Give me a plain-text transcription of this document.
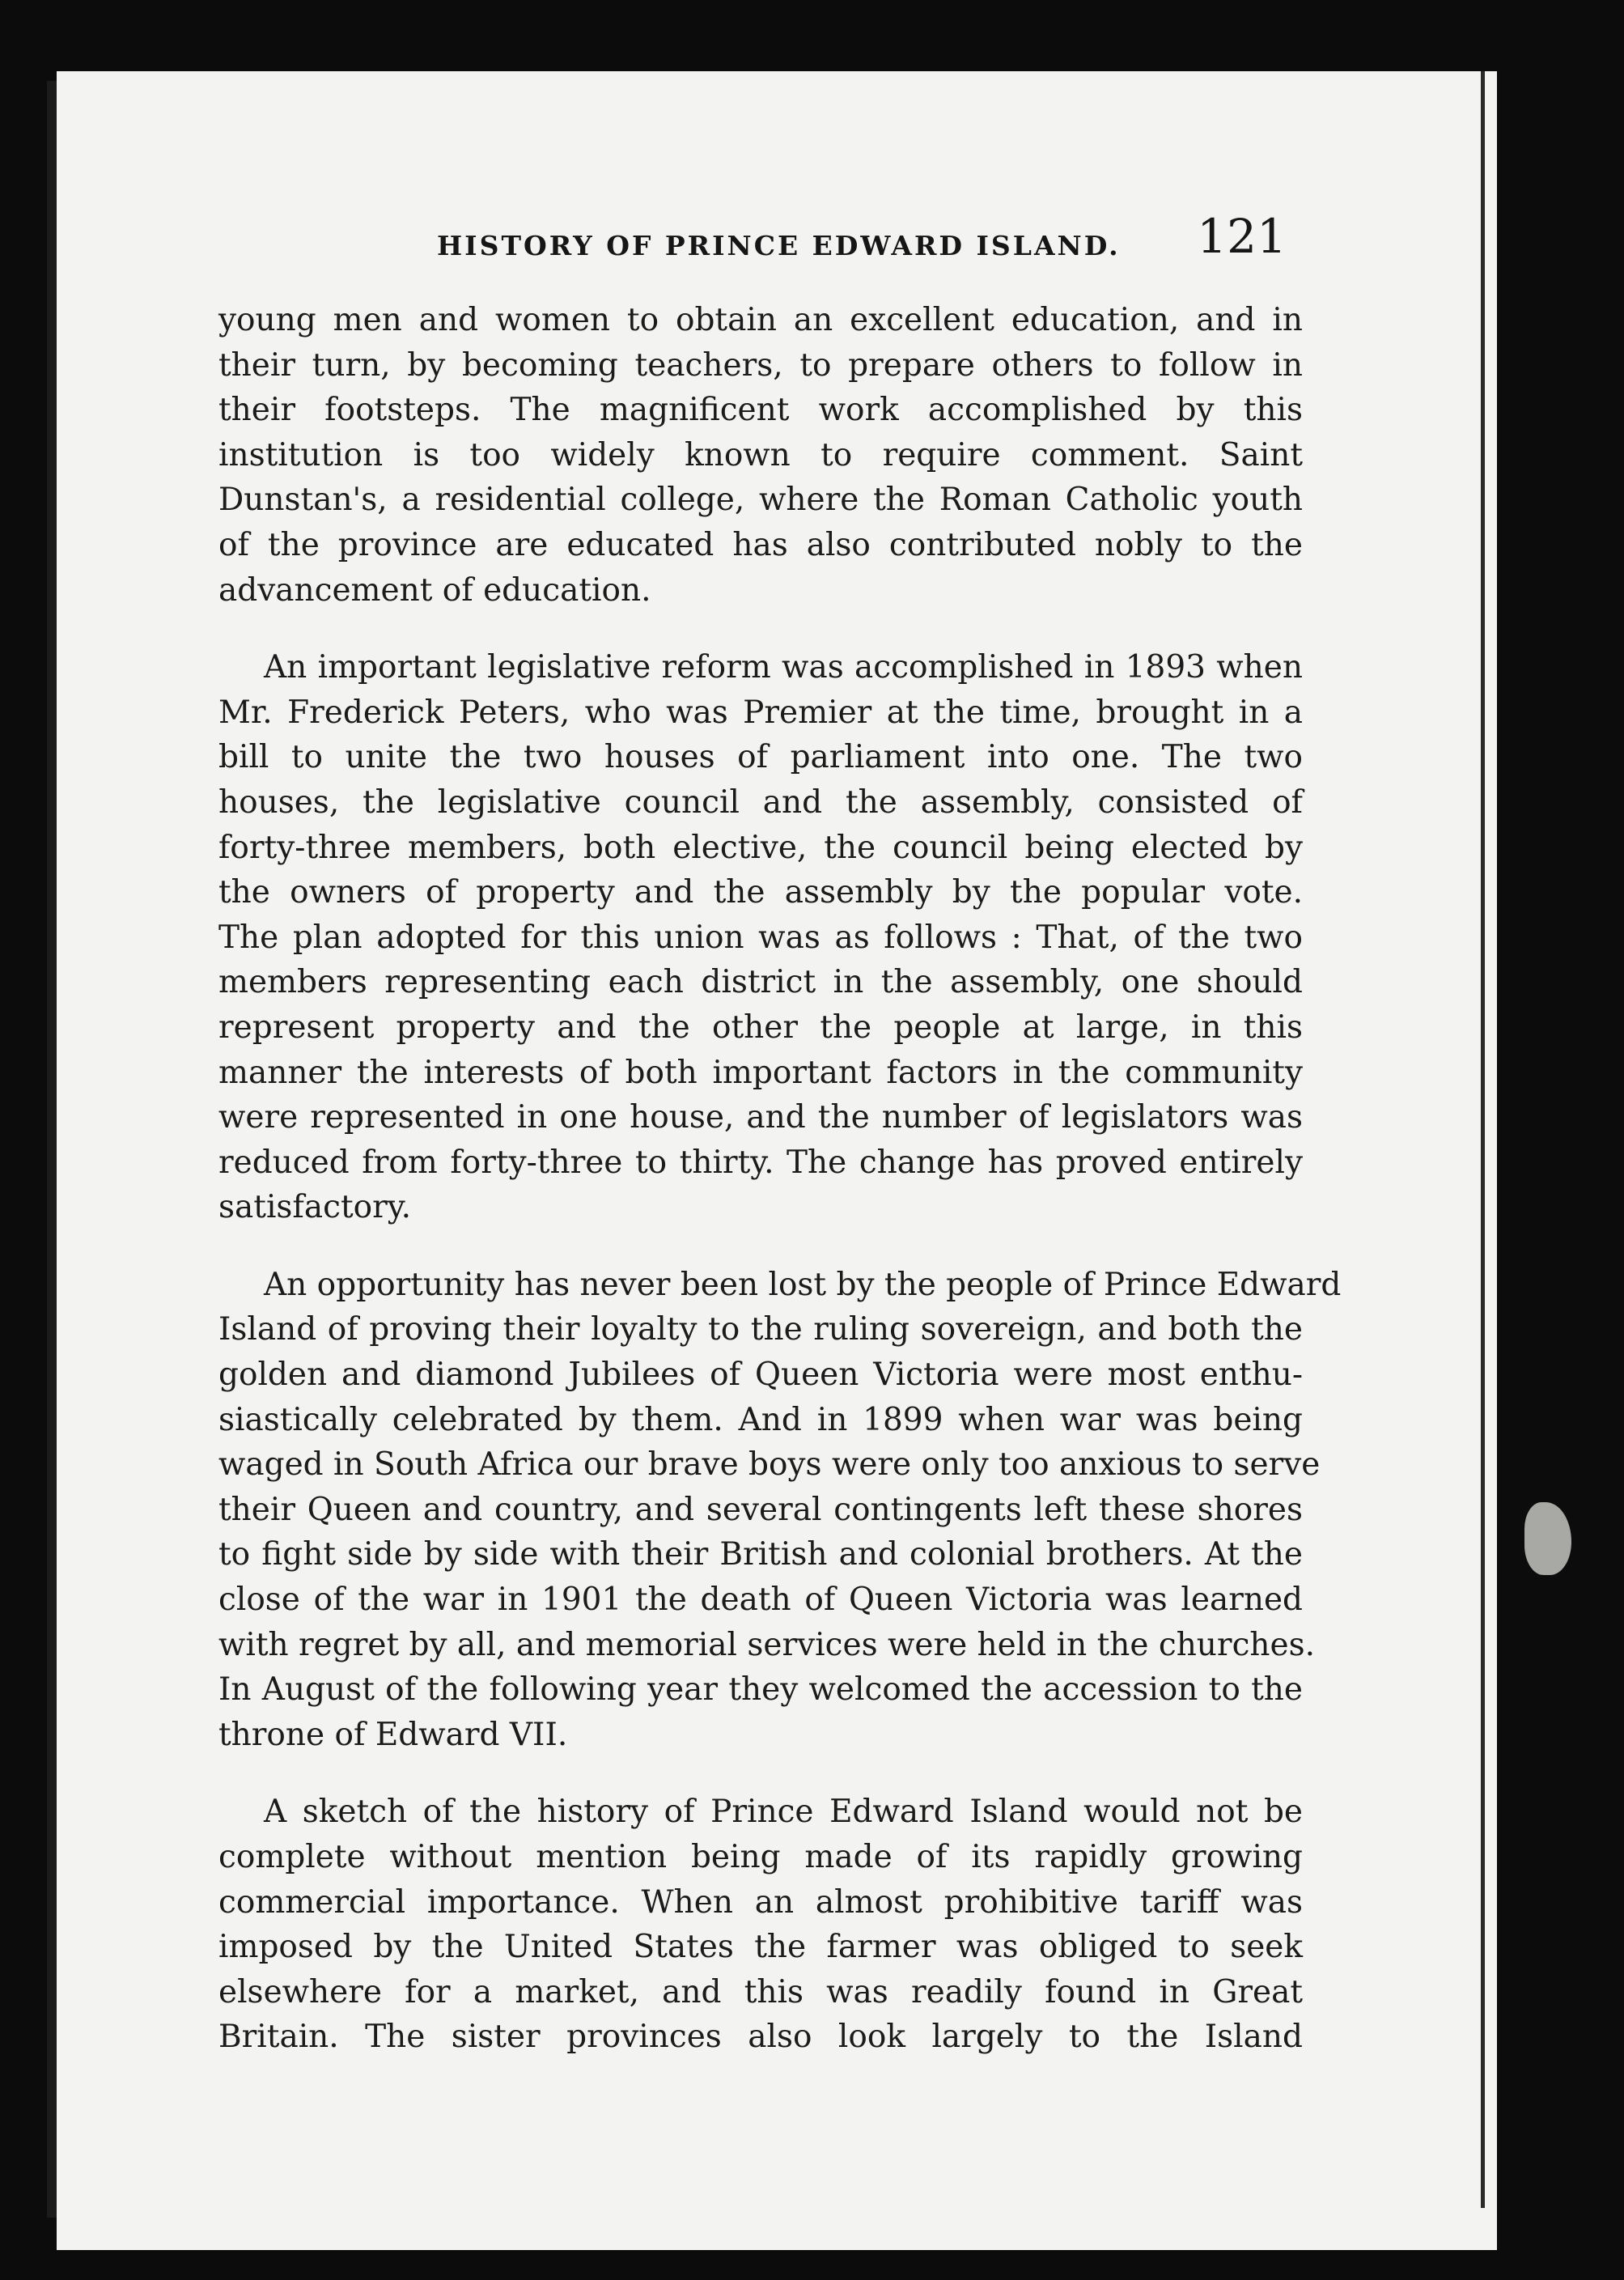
HISTORY OF PRINCE EDWARD ISLAND. 121
young men and women to obtain an excellent education, and in
their turn, by becoming teachers, to prepare others to follow in
their footsteps. The magnificent work accomplished by this
institution is too widely known to require comment. Saint
Dunstan's, a residential college, where the Roman Catholic youth
of the province are educated has also contributed nobly to the
advancement of education.
An important legislative reform was accomplished in 1893 when
Mr. Frederick Peters, who was Premier at the time, brought in a
bill to unite the two houses of parliament into one. The two
houses, the legislative council and the assembly, consisted of
forty-three members, both elective, the council being elected by
the owners of property and the assembly by the popular vote.
The plan adopted for this union was as follows : That, of the two
members representing each district in the assembly, one should
represent property and the other the people at large, in this
manner the interests of both important factors in the community
were represented in one house, and the number of legislators was
reduced from forty-three to thirty. The change has proved entirely
satisfactory.
An opportunity has never been lost by the people of Prince Edward
Island of proving their loyalty to the ruling sovereign, and both the
golden and diamond Jubilees of Queen Victoria were most enthu-
siastically celebrated by them. And in 1899 when war was being
waged in South Africa our brave boys were only too anxious to serve
their Queen and country, and several contingents left these shores
to fight side by side with their British and colonial brothers. At the
close of the war in 1901 the death of Queen Victoria was learned
with regret by all, and memorial services were held in the churches.
In August of the following year they welcomed the accession to the
throne of Edward VII.
A sketch of the history of Prince Edward Island would not be
complete without mention being made of its rapidly growing
commercial importance. When an almost prohibitive tariff was
imposed by the United States the farmer was obliged to seek
elsewhere for a market, and this was readily found in Great
Britain. The sister provinces also look largely to the Island
